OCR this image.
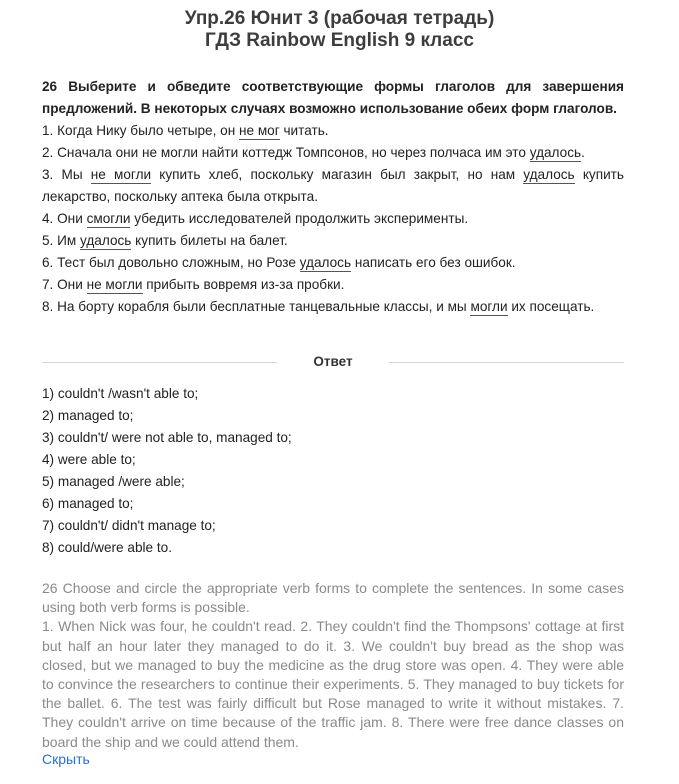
Упр.26 Юнит 3 (рабочая тетрадь)
ГДЗ Rainbow English 9 класс

26 Выберите и обведите соответствующие формы глаголов для завершения предложений. В некоторых случаях возможно использование обеих форм глаголов.

1. Когда Нику было четыре, он не мог читать.

2. Сначала они не могли найти коттедж Томпсонов, но через полчаса им это удалось.

3. Мы не могли купить хлеб, поскольку магазин был закрыт, но нам удалось купить лекарство, поскольку аптека была открыта.

4. Они смогли убедить исследователей продолжить эксперименты.

5. Им удалось купить билеты на балет.

6. Тест был довольно сложным, но Розе удалось написать его без ошибок.

7. Они не могли прибыть вовремя из-за пробки.

8. На борту корабля были бесплатные танцевальные классы, и мы могли их посещать.

Ответ

1) couldn't /wasn't able to;

2) managed to;

3) couldn't/ were not able to, managed to;

4) were able to;

5) managed /were able;

6) managed to;

7) couldn't/ didn't manage to;

8) could/were able to.

26 Choose and circle the appropriate verb forms to complete the sentences. In some cases using both verb forms is possible.

1. When Nick was four, he couldn't read. 2. They couldn't find the Thompsons' cottage at first but half an hour later they managed to do it. 3. We couldn't buy bread as the shop was closed, but we managed to buy the medicine as the drug store was open. 4. They were able to convince the researchers to continue their experiments. 5. They managed to buy tickets for the ballet. 6. The test was fairly difficult but Rose managed to write it without mistakes. 7. They couldn't arrive on time because of the traffic jam. 8. There were free dance classes on board the ship and we could attend them.

Скрыть
